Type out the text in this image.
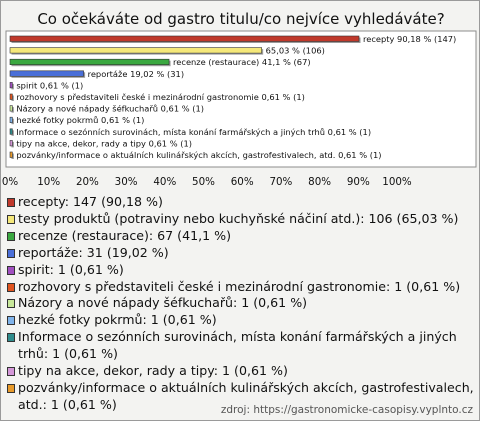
Co očekáváte od gastro titulu/co nejvíce vyhledáváte?
recepty 90,18 % (147)
65,03 % (106)
recenze (restaurace) 41,1 % (67)
reportáže 19,02 % (31)
spirit 0,61 % (1)
rozhovory s představiteli české i mezinárodní gastronomie 0,61 % (1)
Názory a nové nápady šéfkuchařů 0,61 % (1)
hezké fotky pokrmů 0,61 % (1)
Informace o sezónních surovinách, místa konání farmářských a jiných trhů 0,61 % (1)
tipy na akce, dekor, rady a tipy 0,61 % (1)
pozvánky/informace o aktuálních kulinářských akcích, gastrofestivalech, atd. 0,61 % (1)
0% 10% 20% 30% 40% 50% 60% 70% 80% 90% 100%
recepty: 147 (90,18 %)
testy produktů (potraviny nebo kuchyňské náčiní atd.): 106 (65,03 %)
recenze (restaurace): 67 (41,1 %)
reportáže: 31 (19,02 %)
spirit: 1 (0,61 %)
rozhovory s představiteli české i mezinárodní gastronomie: 1 (0,61 %)
Názory a nové nápady šéfkuchařů: 1 (0,61 %)
hezké fotky pokrmů: 1 (0,61 %)
Informace o sezónních surovinách, místa konání farmářských a jiných trhů: 1 (0,61 %)
tipy na akce, dekor, rady a tipy: 1 (0,61 %)
pozvánky/informace o aktuálních kulinářských akcích, gastrofestivalech, atd.: 1 (0,61 %)	zdroj: https://gastronomicke-casopisy.vyplnto.cz
